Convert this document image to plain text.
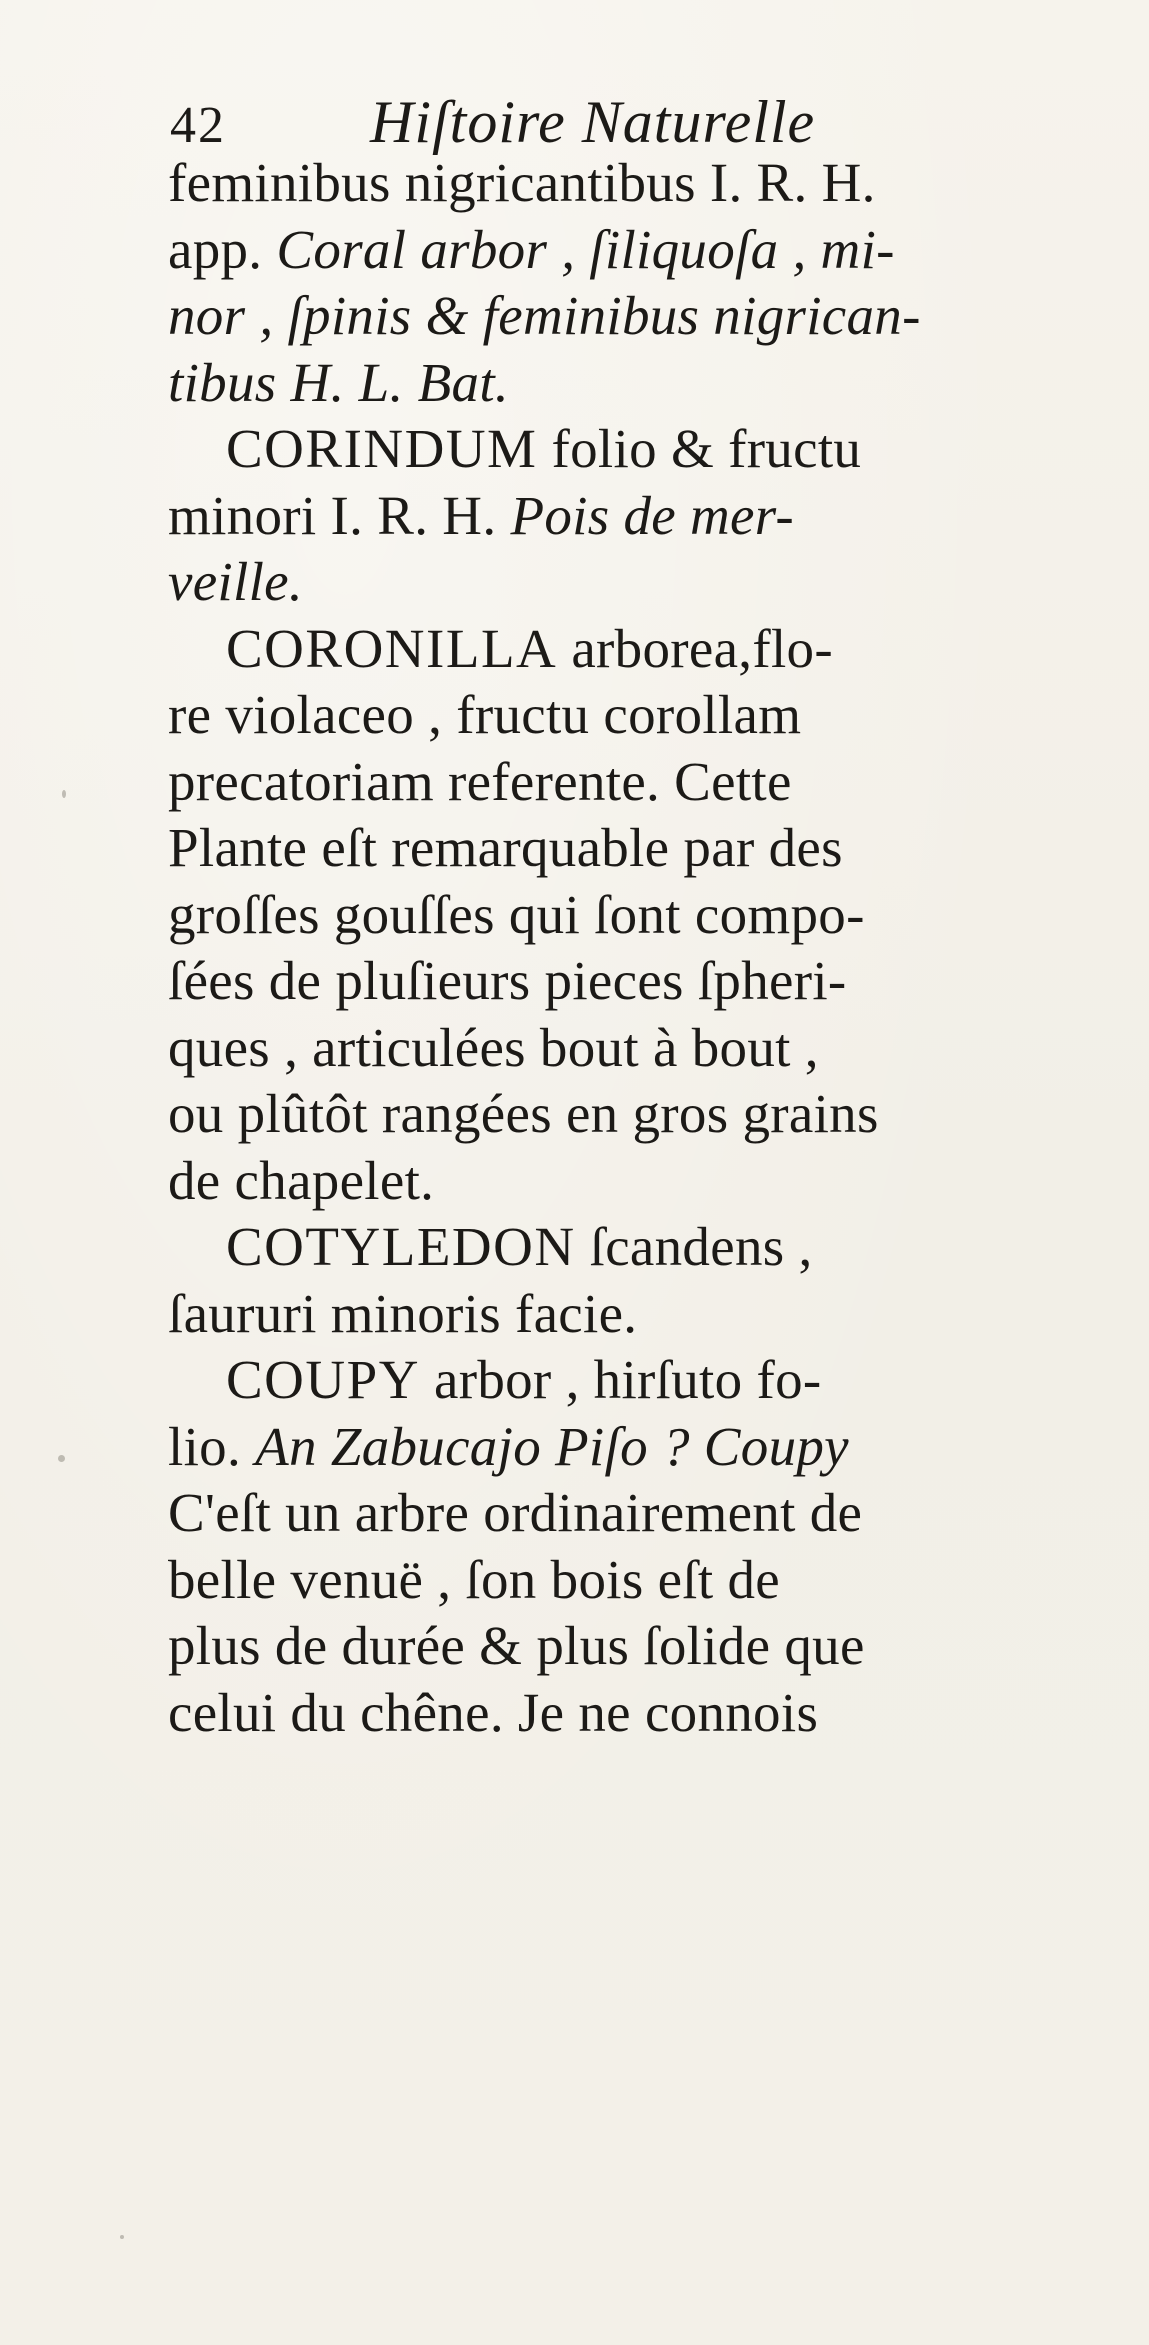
42	Hiſtoire Naturelle
feminibus nigricantibus I. R. H.
app. Coral arbor , ſiliquoſa , mi-
nor , ſpinis & feminibus nigrican-
tibus H. L. Bat.
CORINDUM folio & fructu
minori I. R. H. Pois de mer-
veille.
CORONILLA arborea,flo-
re violaceo , fructu corollam
precatoriam referente. Cette
Plante eſt remarquable par des
groſſes gouſſes qui ſont compo-
ſées de pluſieurs pieces ſpheri-
ques , articulées bout à bout ,
ou plûtôt rangées en gros grains
de chapelet.
COTYLEDON ſcandens ,
ſaururi minoris facie.
COUPY arbor , hirſuto fo-
lio. An Zabucajo Piſo ? Coupy
C'eſt un arbre ordinairement de
belle venuë , ſon bois eſt de
plus de durée & plus ſolide que
celui du chêne. Je ne connois
